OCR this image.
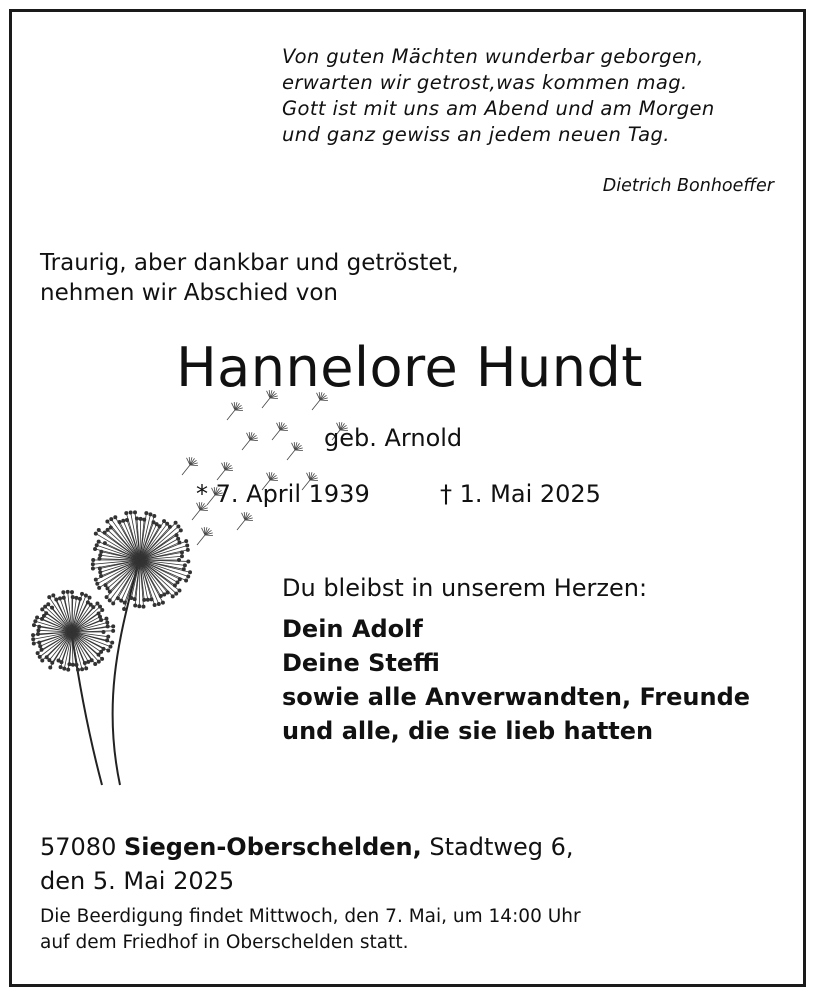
Von guten Mächten wunderbar geborgen,
erwarten wir getrost,was kommen mag.
Gott ist mit uns am Abend und am Morgen
und ganz gewiss an jedem neuen Tag.
Dietrich Bonhoeffer
Traurig, aber dankbar und getröstet,
nehmen wir Abschied von
Hannelore Hundt
geb. Arnold
* 7. April 1939	† 1. Mai 2025
Du bleibst in unserem Herzen:
Dein Adolf
Deine Steffi
sowie alle Anverwandten, Freunde
und alle, die sie lieb hatten
57080 Siegen-Oberschelden, Stadtweg 6,
den 5. Mai 2025
Die Beerdigung findet Mittwoch, den 7. Mai, um 14:00 Uhr
auf dem Friedhof in Oberschelden statt.
